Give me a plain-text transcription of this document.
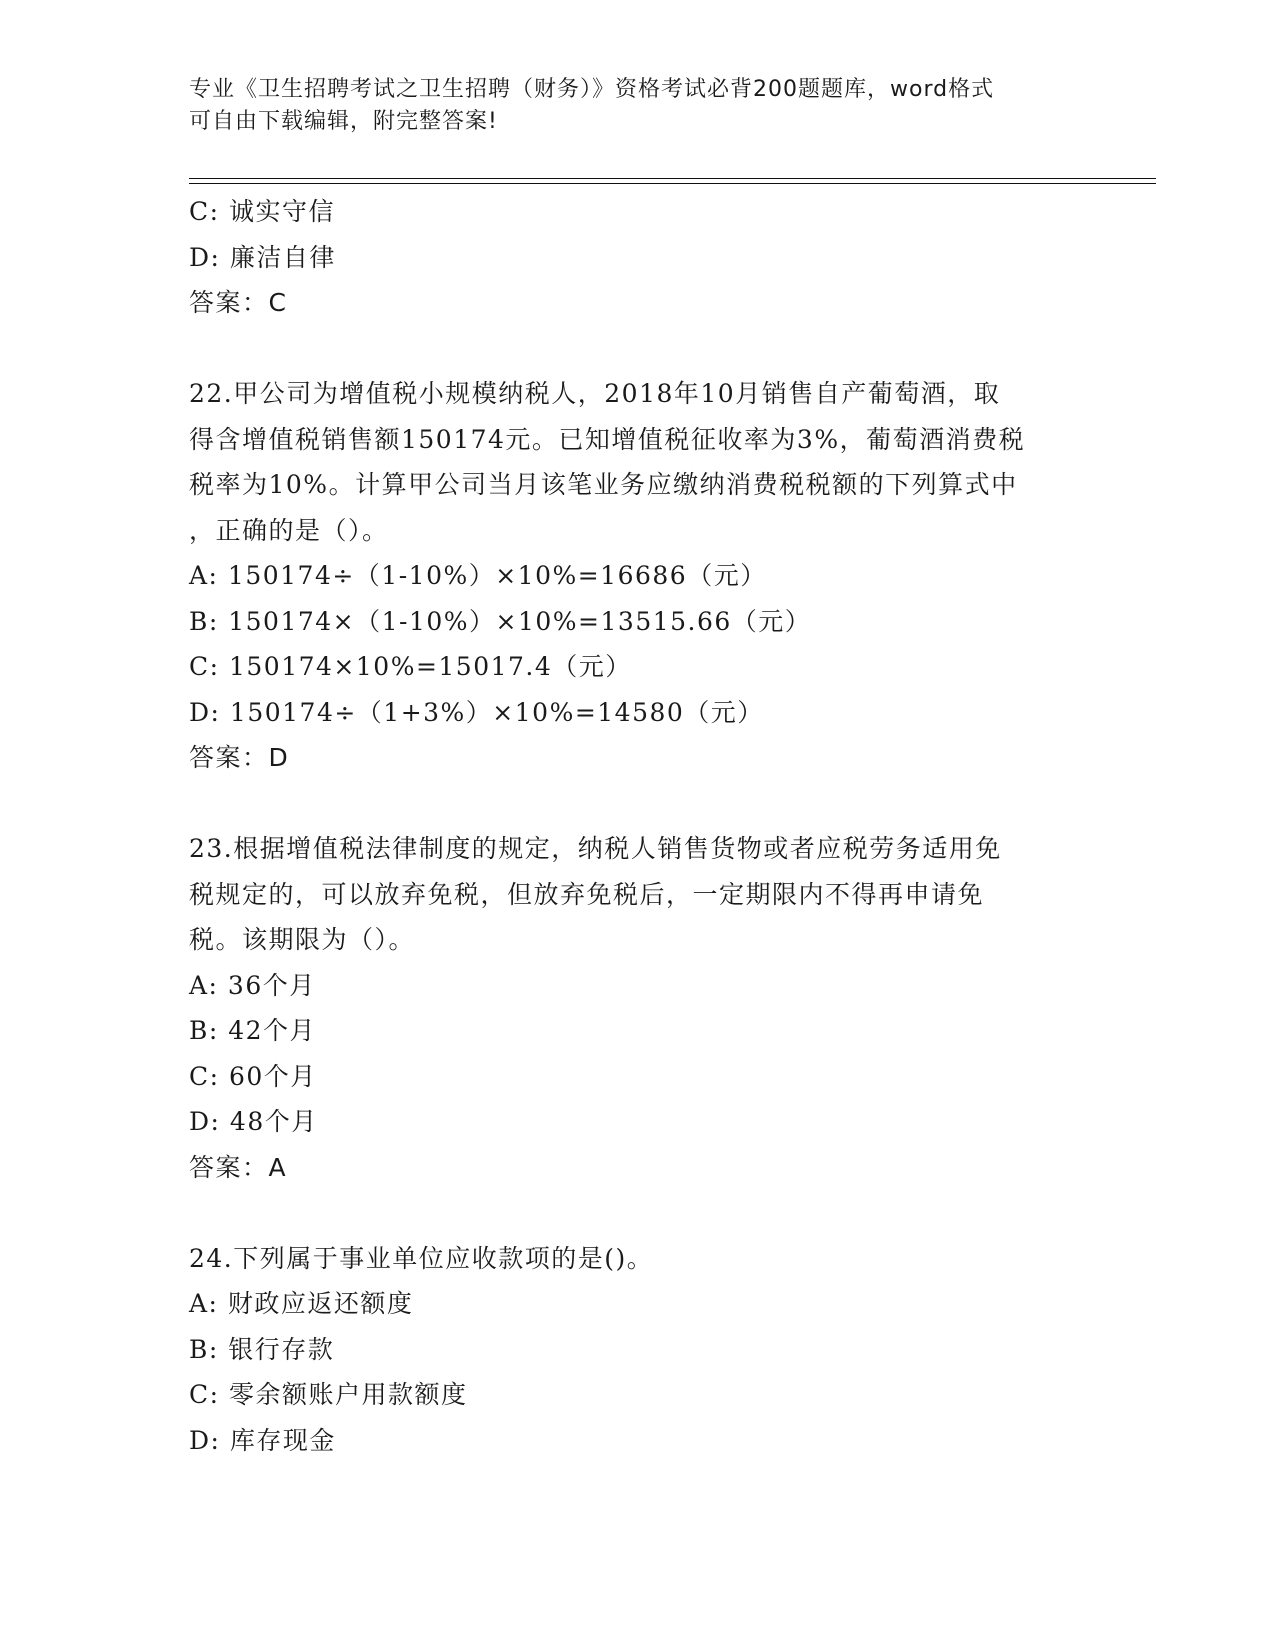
专业《卫生招聘考试之卫生招聘（财务）》资格考试必背200题题库，word格式
可自由下载编辑，附完整答案!
C: 诚实守信
D: 廉洁自律
答案：C
22.甲公司为增值税小规模纳税人，2018年10月销售自产葡萄酒，取
得含增值税销售额150174元。已知增值税征收率为3%，葡萄酒消费税
税率为10%。计算甲公司当月该笔业务应缴纳消费税税额的下列算式中
，正确的是（）。
A: 150174÷（1-10%）×10%=16686（元）
B: 150174×（1-10%）×10%=13515.66（元）
C: 150174×10%=15017.4（元）
D: 150174÷（1+3%）×10%=14580（元）
答案：D
23.根据增值税法律制度的规定，纳税人销售货物或者应税劳务适用免
税规定的，可以放弃免税，但放弃免税后，一定期限内不得再申请免
税。该期限为（）。
A: 36个月
B: 42个月
C: 60个月
D: 48个月
答案：A
24.下列属于事业单位应收款项的是()。
A: 财政应返还额度
B: 银行存款
C: 零余额账户用款额度
D: 库存现金
